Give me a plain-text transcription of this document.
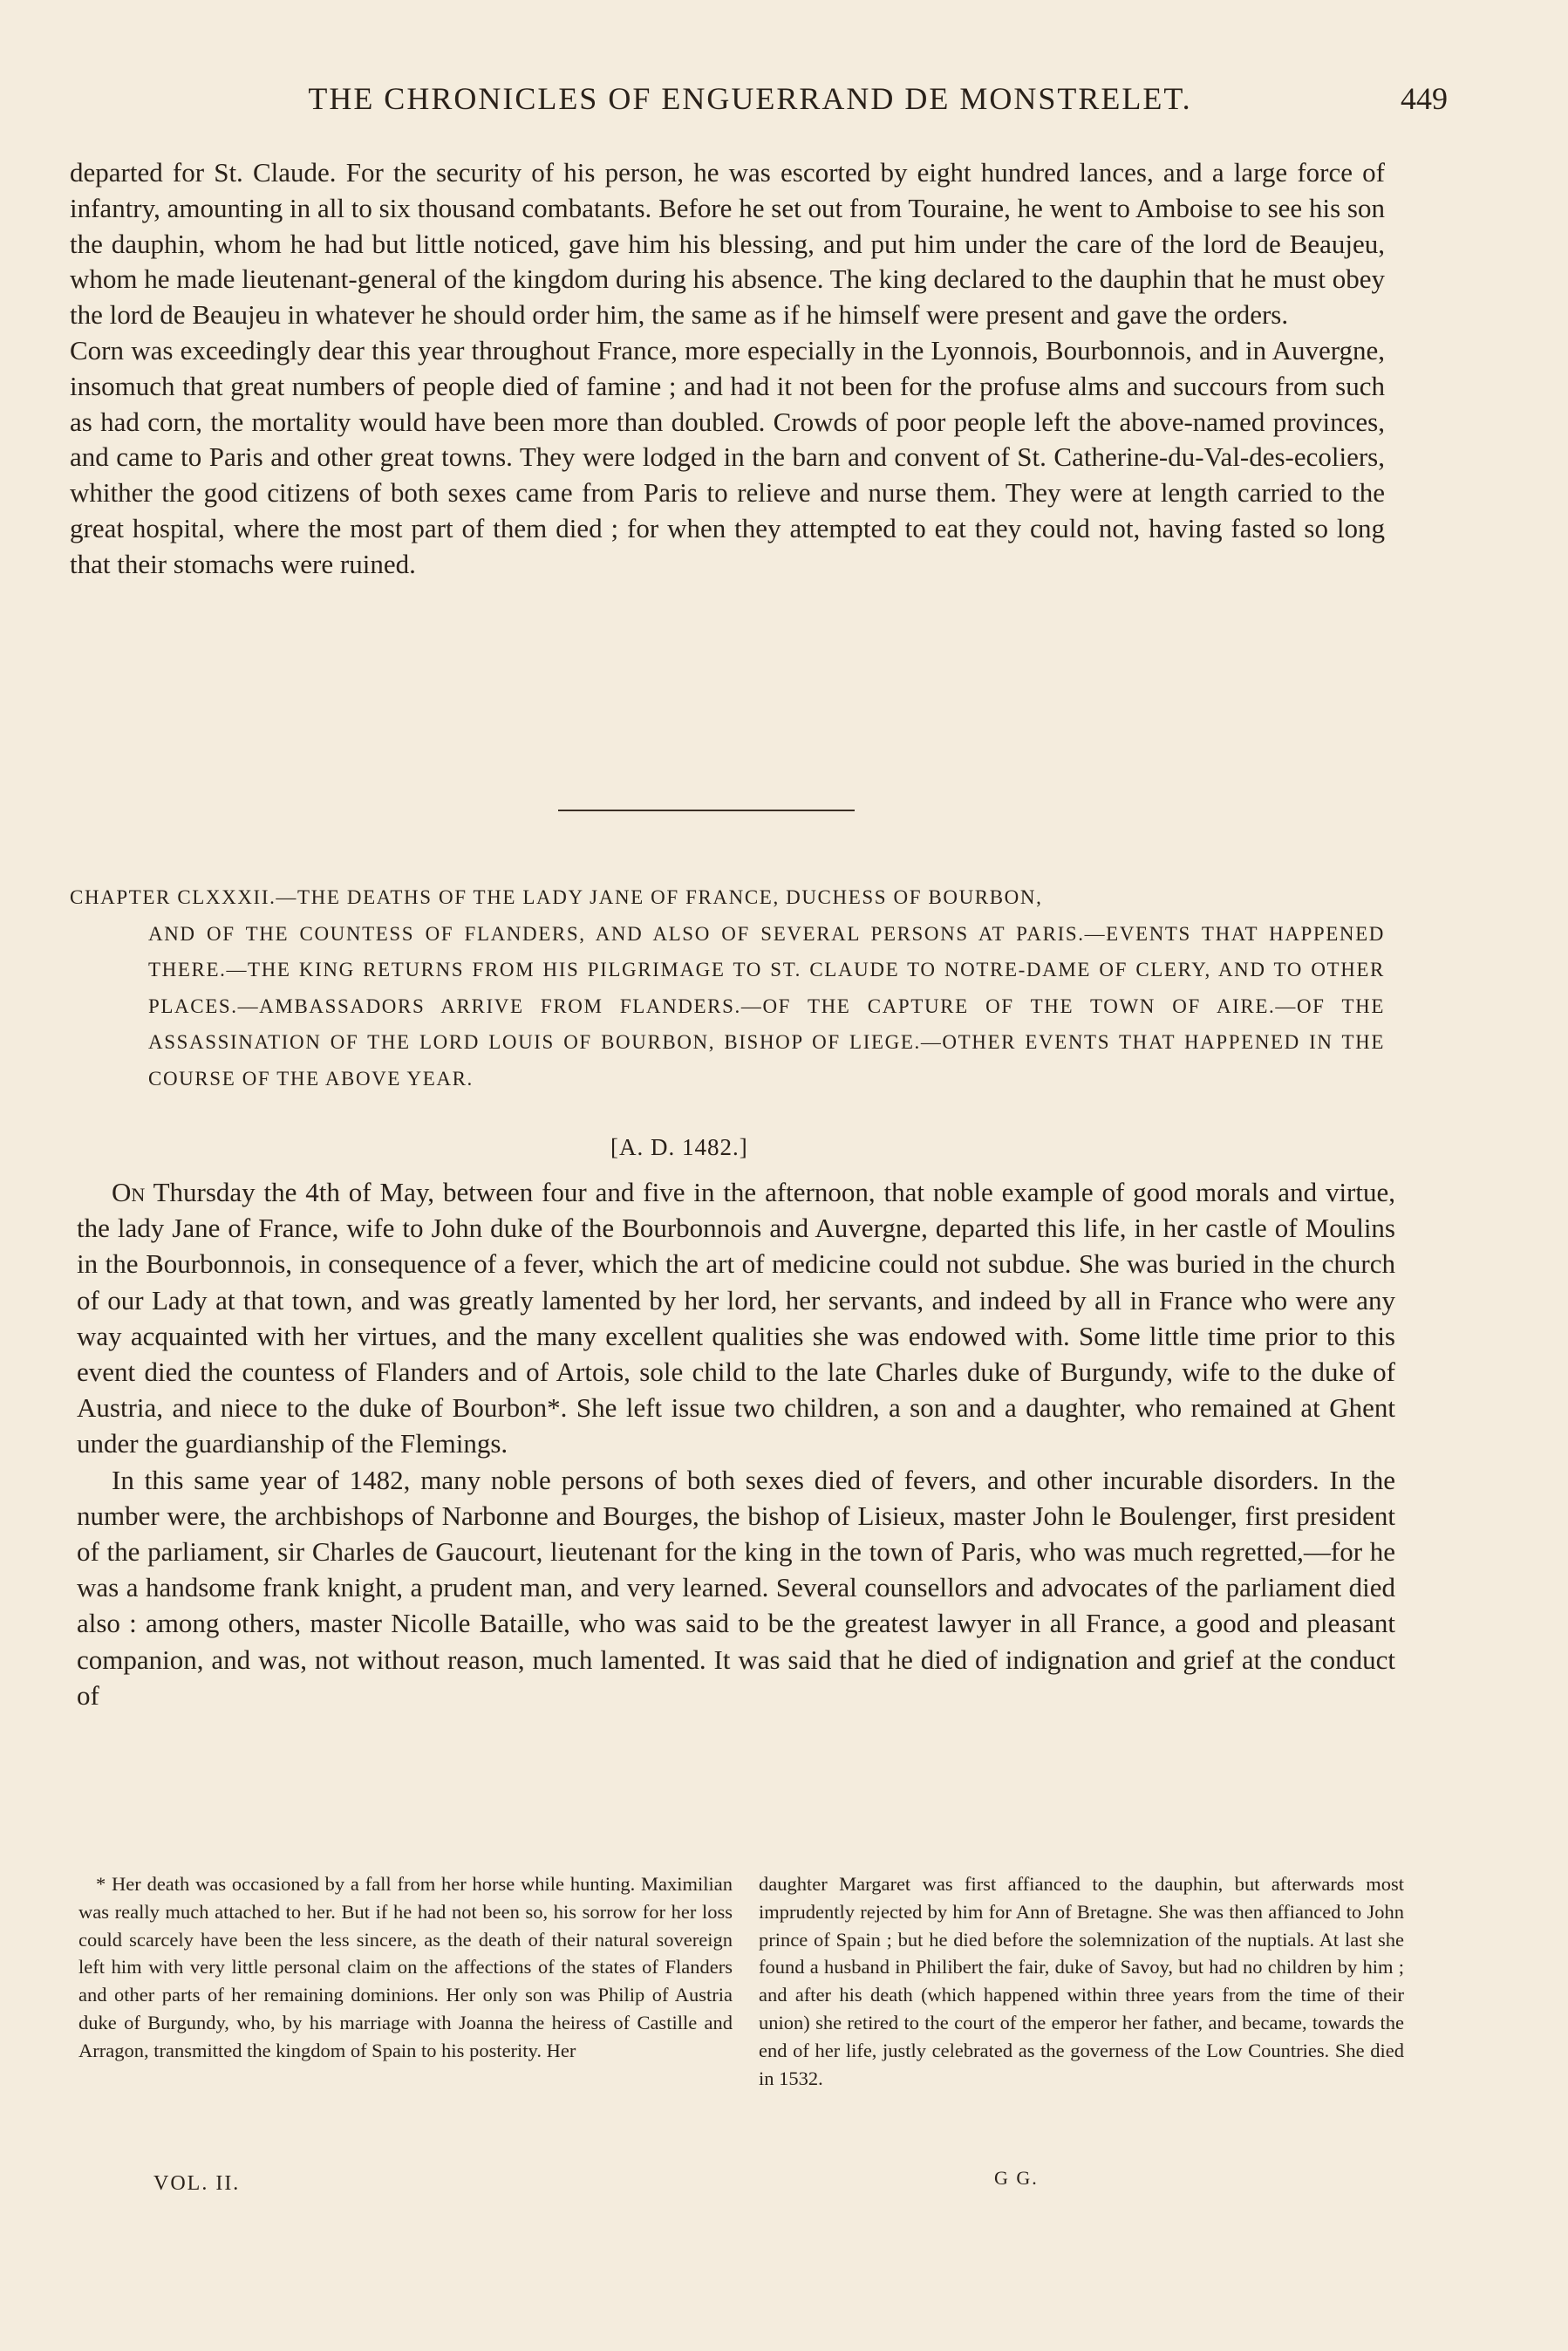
THE CHRONICLES OF ENGUERRAND DE MONSTRELET.	449

departed for St. Claude. For the security of his person, he was escorted by eight hundred lances, and a large force of infantry, amounting in all to six thousand combatants. Before he set out from Touraine, he went to Amboise to see his son the dauphin, whom he had but little noticed, gave him his blessing, and put him under the care of the lord de Beaujeu, whom he made lieutenant-general of the kingdom during his absence. The king declared to the dauphin that he must obey the lord de Beaujeu in whatever he should order him, the same as if he himself were present and gave the orders.

Corn was exceedingly dear this year throughout France, more especially in the Lyonnois, Bourbonnois, and in Auvergne, insomuch that great numbers of people died of famine ; and had it not been for the profuse alms and succours from such as had corn, the mortality would have been more than doubled. Crowds of poor people left the above-named provinces, and came to Paris and other great towns. They were lodged in the barn and convent of St. Catherine-du-Val-des-ecoliers, whither the good citizens of both sexes came from Paris to relieve and nurse them. They were at length carried to the great hospital, where the most part of them died ; for when they attempted to eat they could not, having fasted so long that their stomachs were ruined.

CHAPTER CLXXXII.—THE DEATHS OF THE LADY JANE OF FRANCE, DUCHESS OF BOURBON,
AND OF THE COUNTESS OF FLANDERS, AND ALSO OF SEVERAL PERSONS AT PARIS.—EVENTS THAT HAPPENED THERE.—THE KING RETURNS FROM HIS PILGRIMAGE TO ST. CLAUDE TO NOTRE-DAME OF CLERY, AND TO OTHER PLACES.—AMBASSADORS ARRIVE FROM FLANDERS.—OF THE CAPTURE OF THE TOWN OF AIRE.—OF THE ASSASSINATION OF THE LORD LOUIS OF BOURBON, BISHOP OF LIEGE.—OTHER EVENTS THAT HAPPENED IN THE COURSE OF THE ABOVE YEAR.
[A. D. 1482.]

On Thursday the 4th of May, between four and five in the afternoon, that noble example of good morals and virtue, the lady Jane of France, wife to John duke of the Bourbonnois and Auvergne, departed this life, in her castle of Moulins in the Bourbonnois, in consequence of a fever, which the art of medicine could not subdue. She was buried in the church of our Lady at that town, and was greatly lamented by her lord, her servants, and indeed by all in France who were any way acquainted with her virtues, and the many excellent qualities she was endowed with. Some little time prior to this event died the countess of Flanders and of Artois, sole child to the late Charles duke of Burgundy, wife to the duke of Austria, and niece to the duke of Bourbon*. She left issue two children, a son and a daughter, who remained at Ghent under the guardianship of the Flemings.

In this same year of 1482, many noble persons of both sexes died of fevers, and other incurable disorders. In the number were, the archbishops of Narbonne and Bourges, the bishop of Lisieux, master John le Boulenger, first president of the parliament, sir Charles de Gaucourt, lieutenant for the king in the town of Paris, who was much regretted,—for he was a handsome frank knight, a prudent man, and very learned. Several counsellors and advocates of the parliament died also : among others, master Nicolle Bataille, who was said to be the greatest lawyer in all France, a good and pleasant companion, and was, not without reason, much lamented. It was said that he died of indignation and grief at the conduct of

* Her death was occasioned by a fall from her horse while hunting. Maximilian was really much attached to her. But if he had not been so, his sorrow for her loss could scarcely have been the less sincere, as the death of their natural sovereign left him with very little personal claim on the affections of the states of Flanders and other parts of her remaining dominions. Her only son was Philip of Austria duke of Burgundy, who, by his marriage with Joanna the heiress of Castille and Arragon, transmitted the kingdom of Spain to his posterity. Her

daughter Margaret was first affianced to the dauphin, but afterwards most imprudently rejected by him for Ann of Bretagne. She was then affianced to John prince of Spain ; but he died before the solemnization of the nuptials. At last she found a husband in Philibert the fair, duke of Savoy, but had no children by him ; and after his death (which happened within three years from the time of their union) she retired to the court of the emperor her father, and became, towards the end of her life, justly celebrated as the governess of the Low Countries. She died in 1532.

VOL. II.	G G.
